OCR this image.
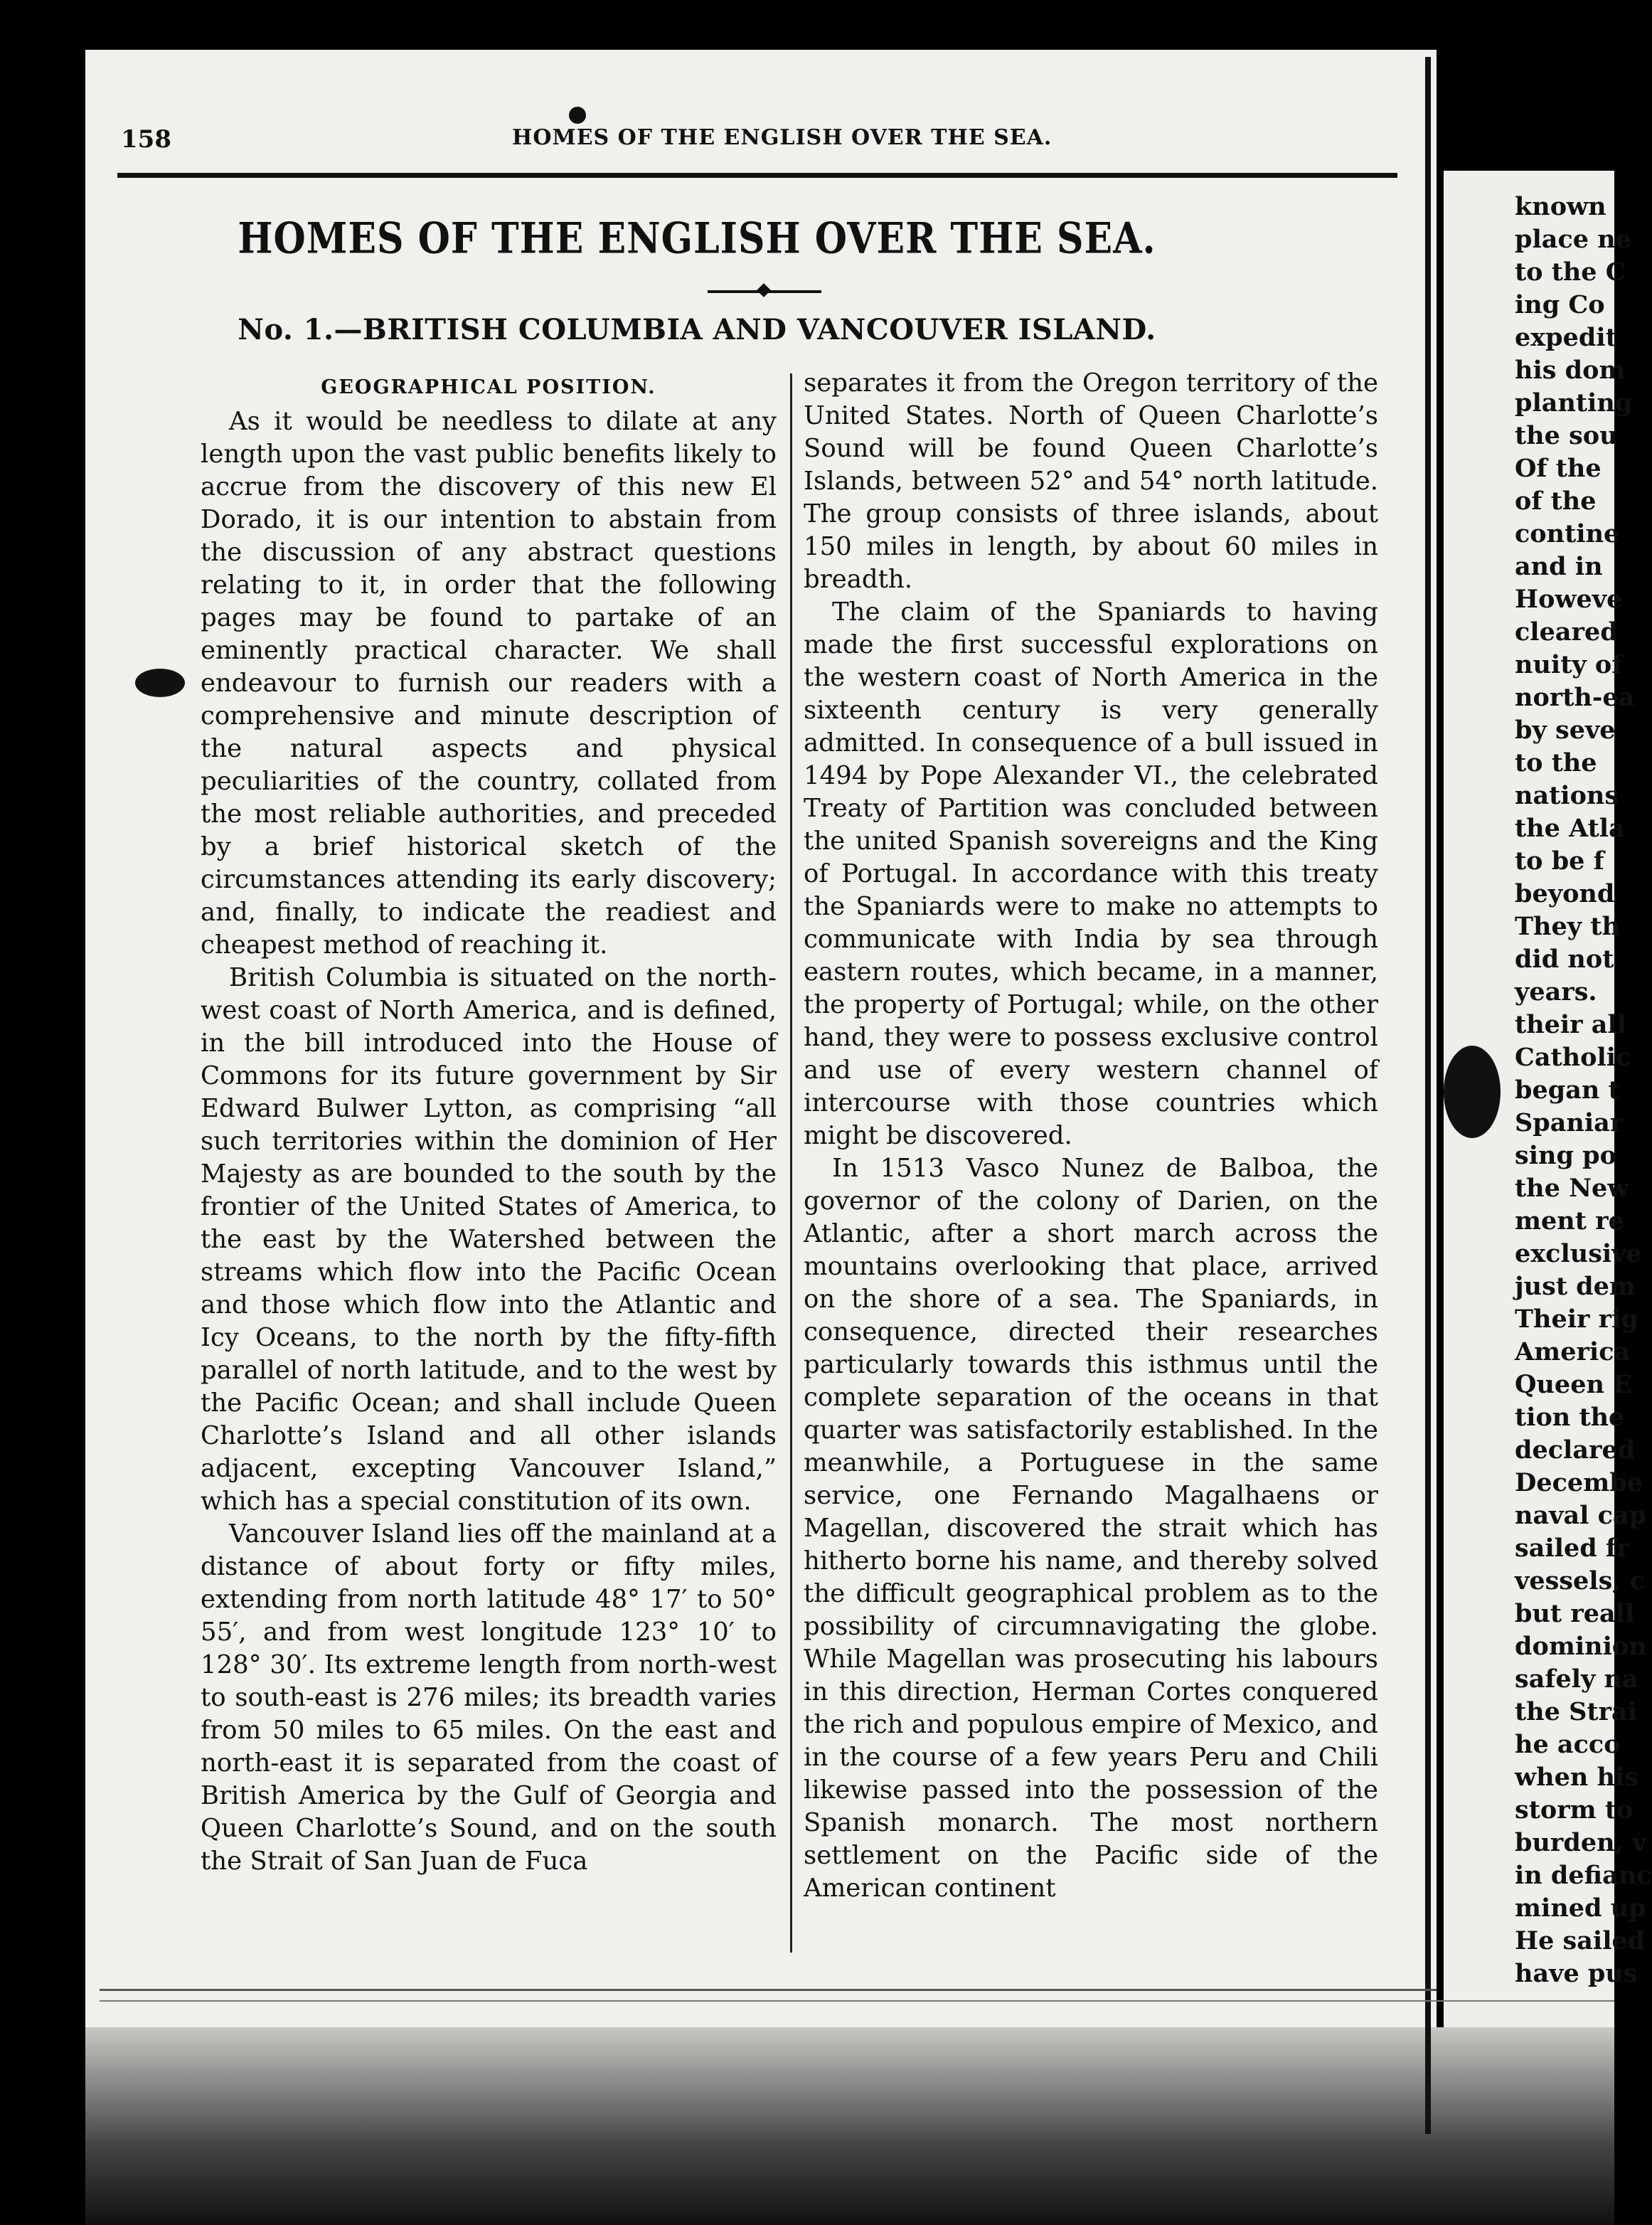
158	HOMES OF THE ENGLISH OVER THE SEA.
HOMES OF THE ENGLISH OVER THE SEA.
No. 1.—BRITISH COLUMBIA AND VANCOUVER ISLAND.
GEOGRAPHICAL POSITION.

As it would be needless to dilate at any length upon the vast public benefits likely to accrue from the discovery of this new El Dorado, it is our intention to abstain from the discussion of any abstract questions relating to it, in order that the following pages may be found to partake of an eminently practical character. We shall endeavour to furnish our readers with a comprehensive and minute description of the natural aspects and physical peculiarities of the country, collated from the most reliable authorities, and preceded by a brief historical sketch of the circumstances attending its early discovery; and, finally, to indicate the readiest and cheapest method of reaching it.

British Columbia is situated on the north-west coast of North America, and is defined, in the bill introduced into the House of Commons for its future government by Sir Edward Bulwer Lytton, as comprising “all such territories within the dominion of Her Majesty as are bounded to the south by the frontier of the United States of America, to the east by the Watershed between the streams which flow into the Pacific Ocean and those which flow into the Atlantic and Icy Oceans, to the north by the fifty-fifth parallel of north latitude, and to the west by the Pacific Ocean; and shall include Queen Charlotte’s Island and all other islands adjacent, excepting Vancouver Island,” which has a special constitution of its own.

Vancouver Island lies off the mainland at a distance of about forty or fifty miles, extending from north latitude 48° 17′ to 50° 55′, and from west longitude 123° 10′ to 128° 30′. Its extreme length from north-west to south-east is 276 miles; its breadth varies from 50 miles to 65 miles. On the east and north-east it is separated from the coast of British America by the Gulf of Georgia and Queen Charlotte’s Sound, and on the south the Strait of San Juan de Fuca

separates it from the Oregon territory of the United States. North of Queen Charlotte’s Sound will be found Queen Charlotte’s Islands, between 52° and 54° north latitude. The group consists of three islands, about 150 miles in length, by about 60 miles in breadth.

The claim of the Spaniards to having made the first successful explorations on the western coast of North America in the sixteenth century is very generally admitted. In consequence of a bull issued in 1494 by Pope Alexander VI., the celebrated Treaty of Partition was concluded between the united Spanish sovereigns and the King of Portugal. In accordance with this treaty the Spaniards were to make no attempts to communicate with India by sea through eastern routes, which became, in a manner, the property of Portugal; while, on the other hand, they were to possess exclusive control and use of every western channel of intercourse with those countries which might be discovered.

In 1513 Vasco Nunez de Balboa, the governor of the colony of Darien, on the Atlantic, after a short march across the mountains overlooking that place, arrived on the shore of a sea. The Spaniards, in consequence, directed their researches particularly towards this isthmus until the complete separation of the oceans in that quarter was satisfactorily established. In the meanwhile, a Portuguese in the same service, one Fernando Magalhaens or Magellan, discovered the strait which has hitherto borne his name, and thereby solved the difficult geographical problem as to the possibility of circumnavigating the globe. While Magellan was prosecuting his labours in this direction, Herman Cortes conquered the rich and populous empire of Mexico, and in the course of a few years Peru and Chili likewise passed into the possession of the Spanish monarch. The most northern settlement on the Pacific side of the American continent

known
place ne
to the C
ing Co
expedit
his dom
planting
the sou
Of the
of the
contine
and in
Howeve
cleared
nuity of
north-ea
by seve
to the
nations
the Atla
to be f
beyond
They th
did not
years.
their all
Catholic
began t
Spaniar
sing po
the New
ment re
exclusive
just dem
Their rig
America
Queen E
tion the
declared
Decembe
naval cap
sailed fr
vessels, c
but reall
dominion
safely na
the Strai
he acco
when his
storm to
burden, v
in defianc
mined up
He sailed
have pus
